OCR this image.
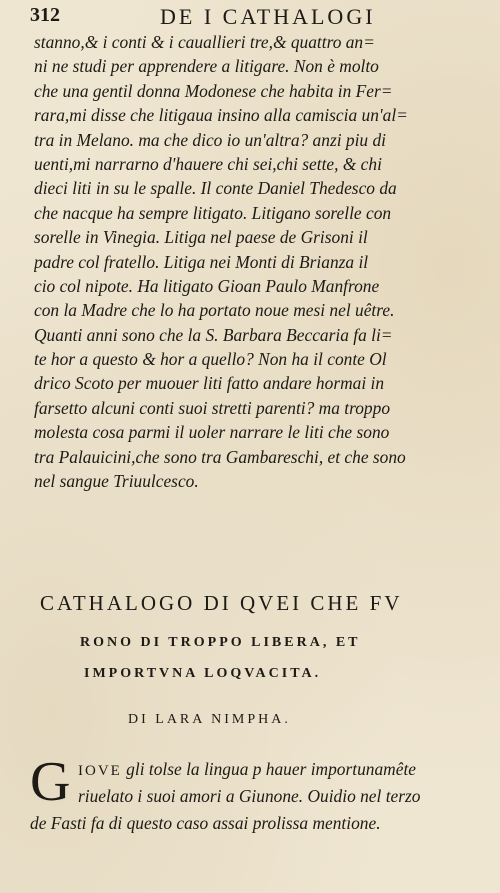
312	DE I CATHALOGI
stanno,& i conti & i cauallieri tre,& quattro an=
ni ne studi per apprendere a litigare. Non è molto
che una gentil donna Modonese che habita in Fer=
rara,mi disse che litigaua insino alla camiscia un'al=
tra in Melano. ma che dico io un'altra? anzi piu di
uenti,mi narrarno d'hauere chi sei,chi sette, & chi
dieci liti in su le spalle. Il conte Daniel Thedesco da
che nacque ha sempre litigato. Litigano sorelle con
sorelle in Vinegia. Litiga nel paese de Grisoni il
padre col fratello. Litiga nei Monti di Brianza il
cio col nipote. Ha litigato Gioan Paulo Manfrone
con la Madre che lo ha portato noue mesi nel uêtre.
Quanti anni sono che la S. Barbara Beccaria fa li=
te hor a questo & hor a quello? Non ha il conte Ol
drico Scoto per muouer liti fatto andare hormai in
farsetto alcuni conti suoi stretti parenti? ma troppo
molesta cosa parmi il uoler narrare le liti che sono
tra Palauicini,che sono tra Gambareschi, et che sono
nel sangue Triuulcesco.
CATHALOGO DI QVEI CHE FV
RONO DI TROPPO LIBERA, ET
IMPORTVNA LOQVACITA.
DI LARA NIMPHA.
G IOVE gli tolse la lingua p hauer importunamête
riuelato i suoi amori a Giunone. Ouidio nel terzo
de Fasti fa di questo caso assai prolissa mentione.
